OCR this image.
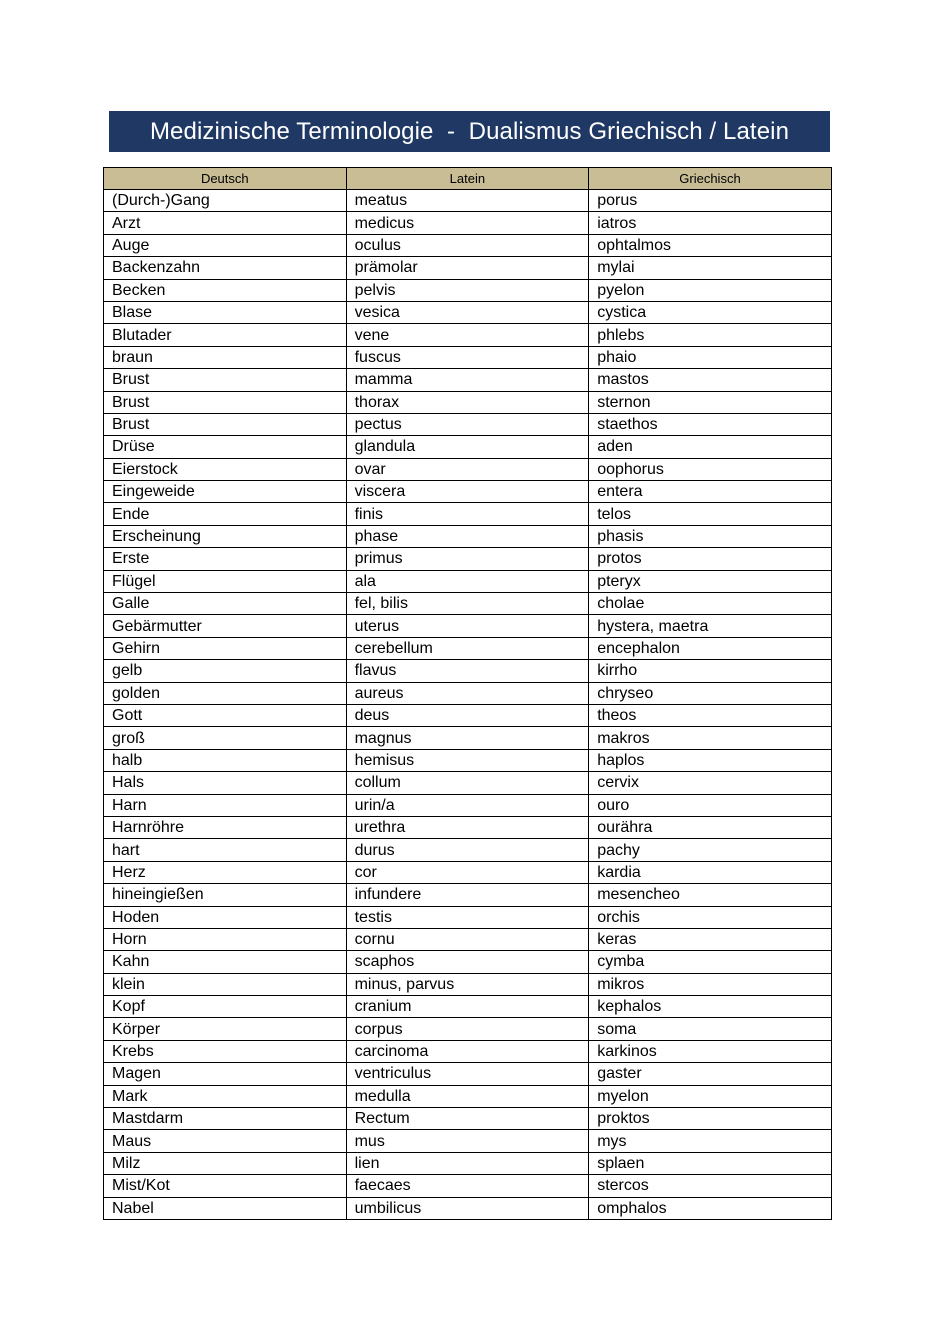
Medizinische Terminologie  -  Dualismus Griechisch / Latein
Deutsch	Latein	Griechisch
(Durch-)Gang	meatus	porus
Arzt	medicus	iatros
Auge	oculus	ophtalmos
Backenzahn	prämolar	mylai
Becken	pelvis	pyelon
Blase	vesica	cystica
Blutader	vene	phlebs
braun	fuscus	phaio
Brust	mamma	mastos
Brust	thorax	sternon
Brust	pectus	staethos
Drüse	glandula	aden
Eierstock	ovar	oophorus
Eingeweide	viscera	entera
Ende	finis	telos
Erscheinung	phase	phasis
Erste	primus	protos
Flügel	ala	pteryx
Galle	fel, bilis	cholae
Gebärmutter	uterus	hystera, maetra
Gehirn	cerebellum	encephalon
gelb	flavus	kirrho
golden	aureus	chryseo
Gott	deus	theos
groß	magnus	makros
halb	hemisus	haplos
Hals	collum	cervix
Harn	urin/a	ouro
Harnröhre	urethra	ourähra
hart	durus	pachy
Herz	cor	kardia
hineingießen	infundere	mesencheo
Hoden	testis	orchis
Horn	cornu	keras
Kahn	scaphos	cymba
klein	minus, parvus	mikros
Kopf	cranium	kephalos
Körper	corpus	soma
Krebs	carcinoma	karkinos
Magen	ventriculus	gaster
Mark	medulla	myelon
Mastdarm	Rectum	proktos
Maus	mus	mys
Milz	lien	splaen
Mist/Kot	faecaes	stercos
Nabel	umbilicus	omphalos
